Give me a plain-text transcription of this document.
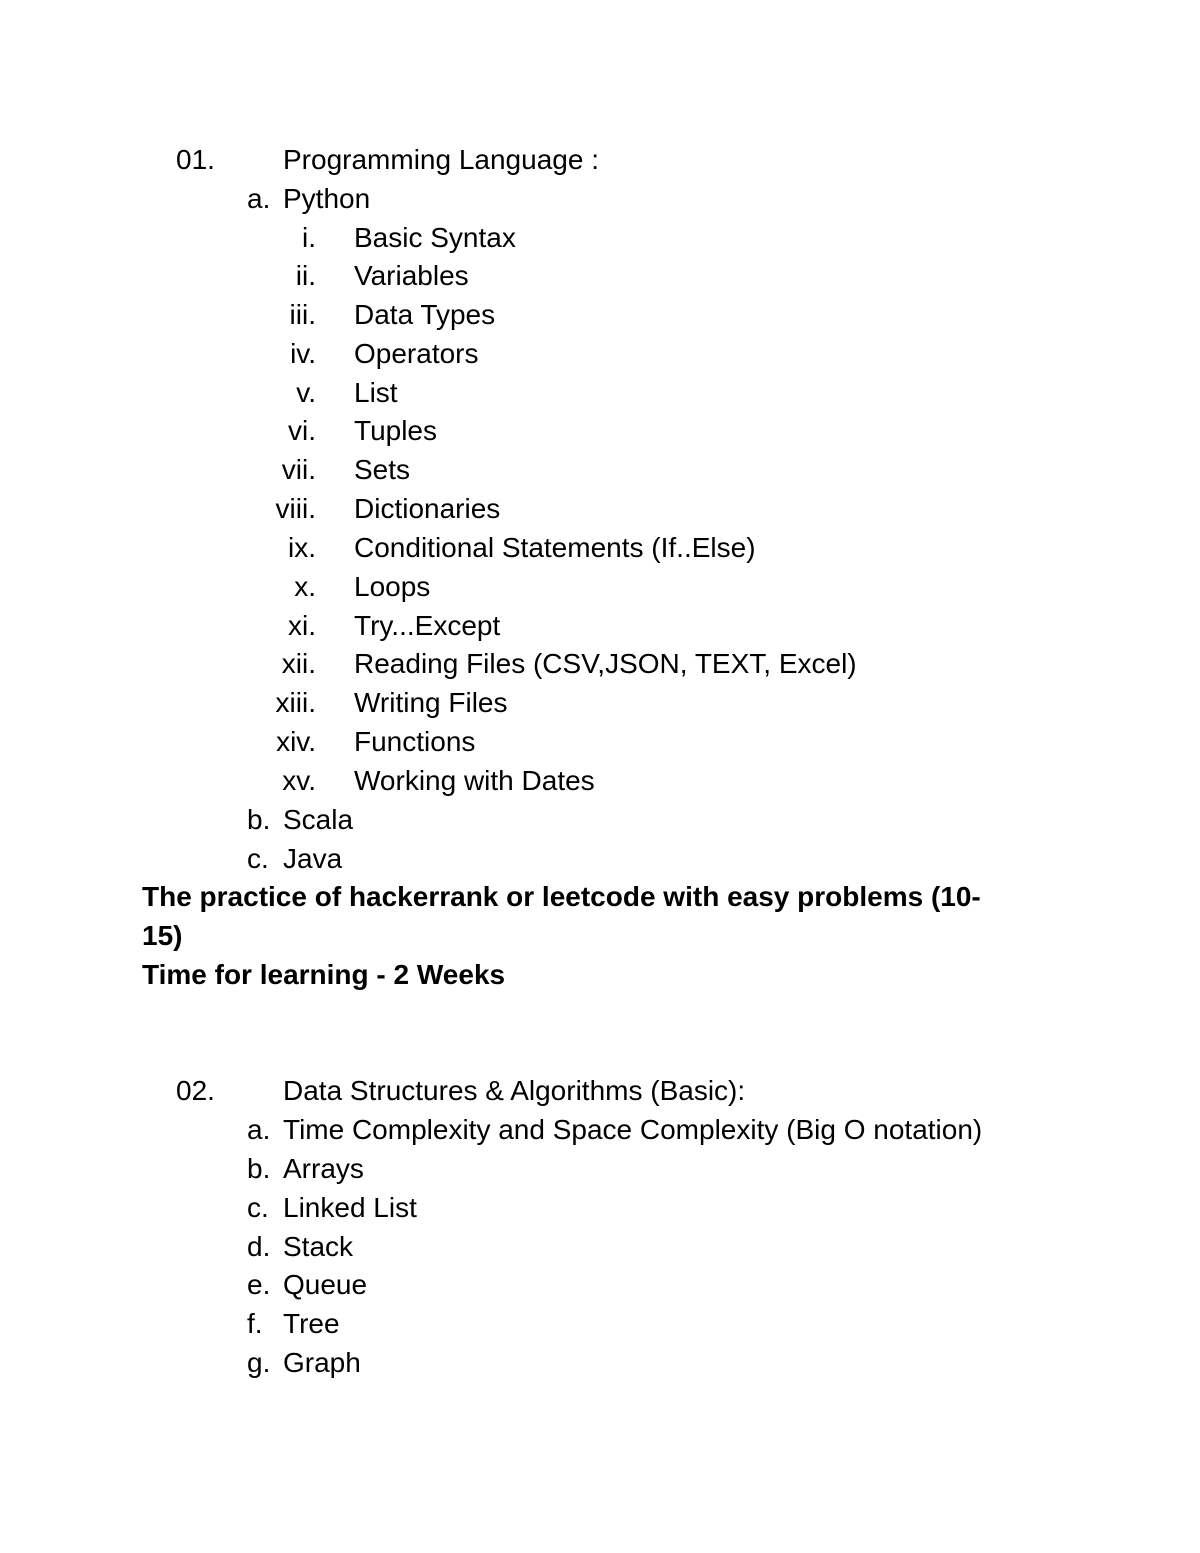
01. Programming Language :
a. Python
i. Basic Syntax
ii. Variables
iii. Data Types
iv. Operators
v. List
vi. Tuples
vii. Sets
viii. Dictionaries
ix. Conditional Statements (If..Else)
x. Loops
xi. Try...Except
xii. Reading Files (CSV,JSON, TEXT, Excel)
xiii. Writing Files
xiv. Functions
xv. Working with Dates
b. Scala
c. Java
The practice of hackerrank or leetcode with easy problems (10-
15)
Time for learning - 2 Weeks
02. Data Structures & Algorithms (Basic):
a. Time Complexity and Space Complexity (Big O notation)
b. Arrays
c. Linked List
d. Stack
e. Queue
f. Tree
g. Graph
